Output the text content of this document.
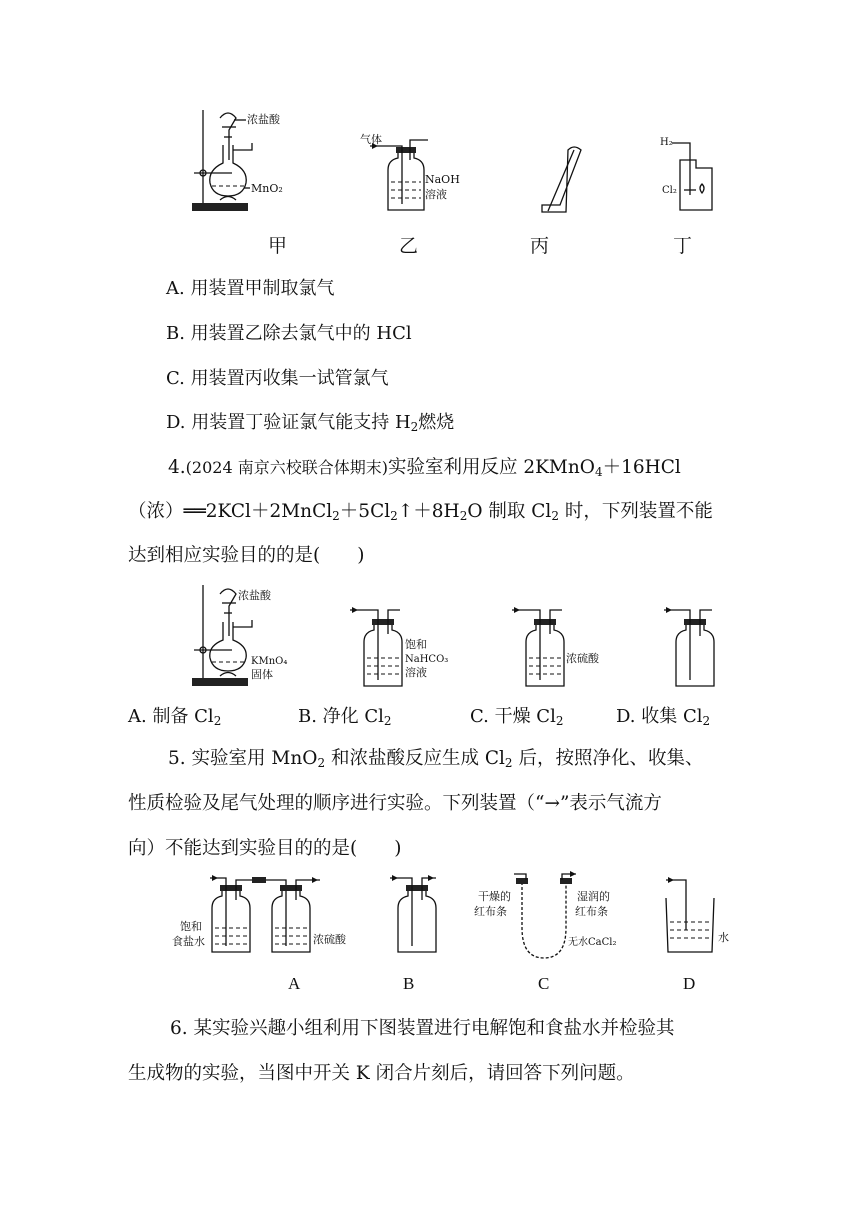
浓盐酸
MnO₂
气体
NaOH
溶液
H₂
Cl₂
甲	乙	丙	丁
A. 用装置甲制取氯气
B. 用装置乙除去氯气中的 HCl
C. 用装置丙收集一试管氯气
D. 用装置丁验证氯气能支持 $H_2$燃烧
4.(2024 南京六校联合体期末)实验室利用反应 2KMnO$_4$＋16HCl
（浓）$══2KCl+2MnCl_2+5Cl_2↑+8H_2O$ 制取 $Cl_2$ 时，下列装置不能
达到相应实验目的的是(　　)
浓盐酸
KMnO₄
固体
饱和
NaHCO₃
溶液
浓硫酸
A. 制备 $Cl_2$	B. 净化 $Cl_2$	C. 干燥 $Cl_2$	D. 收集 $Cl_2$
5. 实验室用 MnO$_2$ 和浓盐酸反应生成 $Cl_2$ 后，按照净化、收集、
性质检验及尾气处理的顺序进行实验。下列装置（“→”表示气流方
向）不能达到实验目的的是(　　)
饱和
食盐水	浓硫酸
干燥的
红布条
湿润的
红布条
无水CaCl₂	水
A	B	C	D
6. 某实验兴趣小组利用下图装置进行电解饱和食盐水并检验其
生成物的实验，当图中开关 K 闭合片刻后，请回答下列问题。
